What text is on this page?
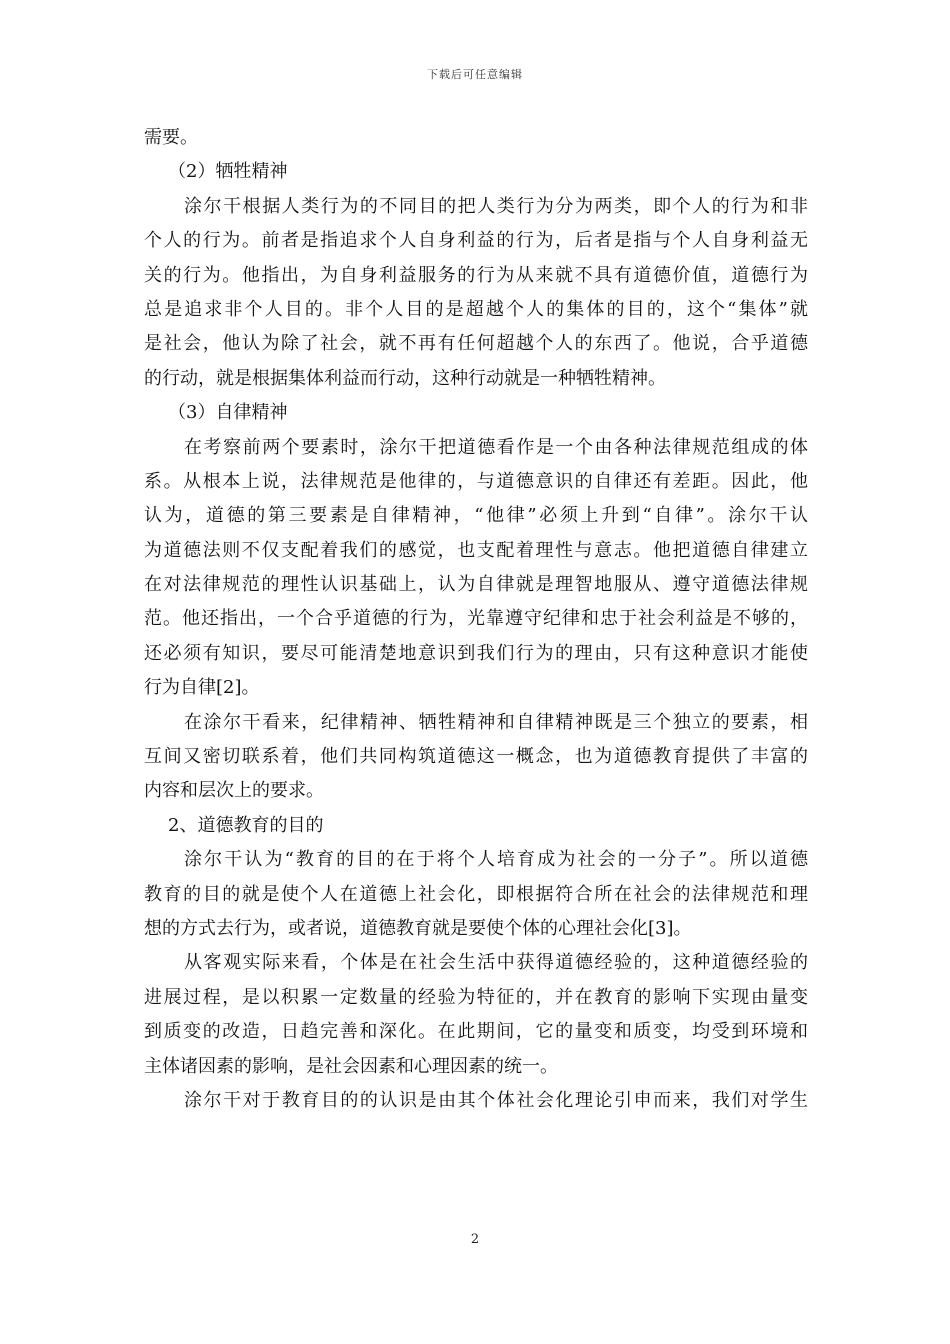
下载后可任意编辑
需要。
（2）牺牲精神
涂尔干根据人类行为的不同目的把人类行为分为两类，即个人的行为和非
个人的行为。前者是指追求个人自身利益的行为，后者是指与个人自身利益无
关的行为。他指出，为自身利益服务的行为从来就不具有道德价值，道德行为
总是追求非个人目的。非个人目的是超越个人的集体的目的，这个“集体”就
是社会，他认为除了社会，就不再有任何超越个人的东西了。他说，合乎道德
的行动，就是根据集体利益而行动，这种行动就是一种牺牲精神。
（3）自律精神
在考察前两个要素时，涂尔干把道德看作是一个由各种法律规范组成的体
系。从根本上说，法律规范是他律的，与道德意识的自律还有差距。因此，他
认为，道德的第三要素是自律精神，“他律”必须上升到“自律”。涂尔干认
为道德法则不仅支配着我们的感觉，也支配着理性与意志。他把道德自律建立
在对法律规范的理性认识基础上，认为自律就是理智地服从、遵守道德法律规
范。他还指出，一个合乎道德的行为，光靠遵守纪律和忠于社会利益是不够的，
还必须有知识，要尽可能清楚地意识到我们行为的理由，只有这种意识才能使
行为自律[2]。
在涂尔干看来，纪律精神、牺牲精神和自律精神既是三个独立的要素，相
互间又密切联系着，他们共同构筑道德这一概念，也为道德教育提供了丰富的
内容和层次上的要求。
2、道德教育的目的
涂尔干认为“教育的目的在于将个人培育成为社会的一分子”。所以道德
教育的目的就是使个人在道德上社会化，即根据符合所在社会的法律规范和理
想的方式去行为，或者说，道德教育就是要使个体的心理社会化[3]。
从客观实际来看，个体是在社会生活中获得道德经验的，这种道德经验的
进展过程，是以积累一定数量的经验为特征的，并在教育的影响下实现由量变
到质变的改造，日趋完善和深化。在此期间，它的量变和质变，均受到环境和
主体诸因素的影响，是社会因素和心理因素的统一。
涂尔干对于教育目的的认识是由其个体社会化理论引申而来，我们对学生
2
